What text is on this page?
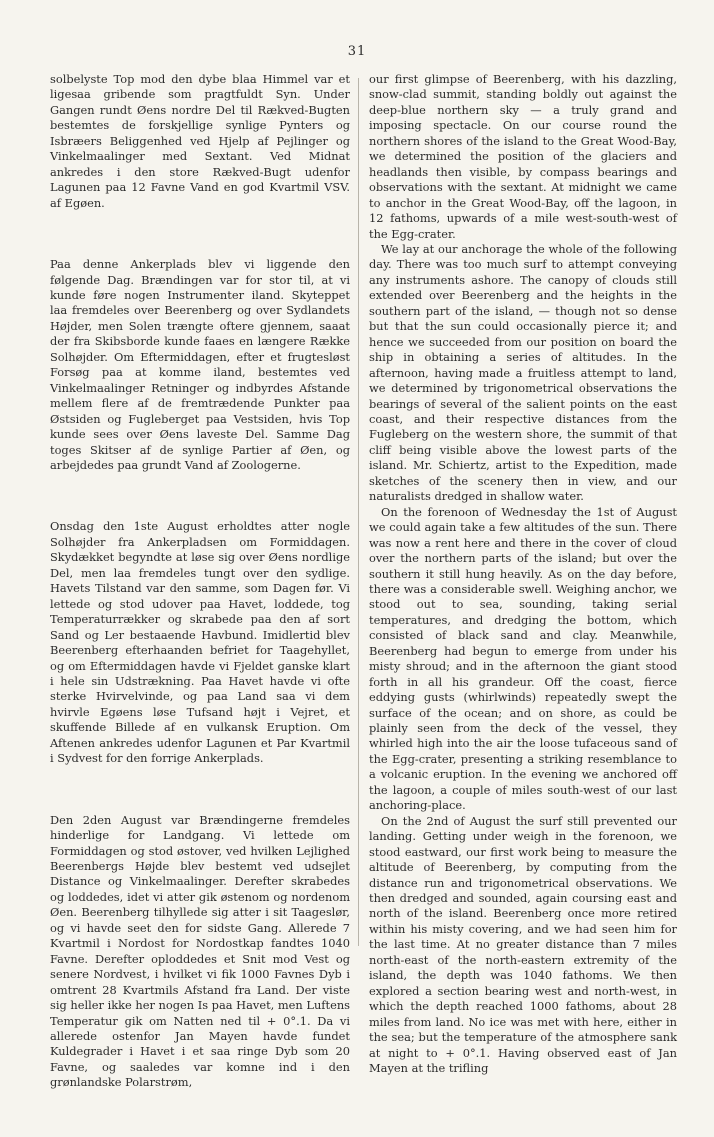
31

solbelyste Top mod den dybe blaa Himmel var et ligesaa gribende som pragtfuldt Syn. Under Gangen rundt Øens nordre Del til Rækved-Bugten bestemtes de forskjellige synlige Pynters og Isbræers Beliggenhed ved Hjelp af Pejlinger og Vinkelmaalinger med Sextant. Ved Midnat ankredes i den store Rækved-Bugt udenfor Lagunen paa 12 Favne Vand en god Kvartmil VSV. af Egøen.

Paa denne Ankerplads blev vi liggende den følgende Dag. Brændingen var for stor til, at vi kunde føre nogen Instrumenter iland. Skyteppet laa fremdeles over Beerenberg og over Sydlandets Højder, men Solen trængte oftere gjennem, saaat der fra Skibsborde kunde faaes en længere Række Solhøjder. Om Eftermiddagen, efter et frugtesløst Forsøg paa at komme iland, bestemtes ved Vinkelmaalinger Retninger og indbyrdes Afstande mellem flere af de fremtrædende Punkter paa Østsiden og Fugleberget paa Vestsiden, hvis Top kunde sees over Øens laveste Del. Samme Dag toges Skitser af de synlige Partier af Øen, og arbejdedes paa grundt Vand af Zoologerne.

Onsdag den 1ste August erholdtes atter nogle Solhøjder fra Ankerpladsen om Formiddagen. Skydækket begyndte at løse sig over Øens nordlige Del, men laa fremdeles tungt over den sydlige. Havets Tilstand var den samme, som Dagen før. Vi lettede og stod udover paa Havet, loddede, tog Temperaturrækker og skrabede paa den af sort Sand og Ler bestaaende Havbund. Imidlertid blev Beerenberg efterhaanden befriet for Taagehyllet, og om Eftermiddagen havde vi Fjeldet ganske klart i hele sin Udstrækning. Paa Havet havde vi ofte sterke Hvirvelvinde, og paa Land saa vi dem hvirvle Egøens løse Tufsand højt i Vejret, et skuffende Billede af en vulkansk Eruption. Om Aftenen ankredes udenfor Lagunen et Par Kvartmil i Sydvest for den forrige Ankerplads.

Den 2den August var Brændingerne fremdeles hinderlige for Landgang. Vi lettede om Formiddagen og stod østover, ved hvilken Lejlighed Beerenbergs Højde blev bestemt ved udsejlet Distance og Vinkelmaalinger. Derefter skrabedes og loddedes, idet vi atter gik østenom og nordenom Øen. Beerenberg tilhyllede sig atter i sit Taageslør, og vi havde seet den for sidste Gang. Allerede 7 Kvartmil i Nordost for Nordostkap fandtes 1040 Favne. Derefter oploddedes et Snit mod Vest og senere Nordvest, i hvilket vi fik 1000 Favnes Dyb i omtrent 28 Kvartmils Afstand fra Land. Der viste sig heller ikke her nogen Is paa Havet, men Luftens Temperatur gik om Natten ned til + 0°.1. Da vi allerede ostenfor Jan Mayen havde fundet Kuldegrader i Havet i et saa ringe Dyb som 20 Favne, og saaledes var komne ind i den grønlandske Polarstrøm,

our first glimpse of Beerenberg, with his dazzling, snow-clad summit, standing boldly out against the deep-blue northern sky — a truly grand and imposing spectacle. On our course round the northern shores of the island to the Great Wood-Bay, we determined the position of the glaciers and headlands then visible, by compass bearings and observations with the sextant. At midnight we came to anchor in the Great Wood-Bay, off the lagoon, in 12 fathoms, upwards of a mile west-south-west of the Egg-crater.

We lay at our anchorage the whole of the following day. There was too much surf to attempt conveying any instruments ashore. The canopy of clouds still extended over Beerenberg and the heights in the southern part of the island, — though not so dense but that the sun could occasionally pierce it; and hence we succeeded from our position on board the ship in obtaining a series of altitudes. In the afternoon, having made a fruitless attempt to land, we determined by trigonometrical observations the bearings of several of the salient points on the east coast, and their respective distances from the Fugleberg on the western shore, the summit of that cliff being visible above the lowest parts of the island. Mr. Schiertz, artist to the Expedition, made sketches of the scenery then in view, and our naturalists dredged in shallow water.

On the forenoon of Wednesday the 1st of August we could again take a few altitudes of the sun. There was now a rent here and there in the cover of cloud over the northern parts of the island; but over the southern it still hung heavily. As on the day before, there was a considerable swell. Weighing anchor, we stood out to sea, sounding, taking serial temperatures, and dredging the bottom, which consisted of black sand and clay. Meanwhile, Beerenberg had begun to emerge from under his misty shroud; and in the afternoon the giant stood forth in all his grandeur. Off the coast, fierce eddying gusts (whirlwinds) repeatedly swept the surface of the ocean; and on shore, as could be plainly seen from the deck of the vessel, they whirled high into the air the loose tufaceous sand of the Egg-crater, presenting a striking resemblance to a volcanic eruption. In the evening we anchored off the lagoon, a couple of miles south-west of our last anchoring-place.

On the 2nd of August the surf still prevented our landing. Getting under weigh in the forenoon, we stood eastward, our first work being to measure the altitude of Beerenberg, by computing from the distance run and trigonometrical observations. We then dredged and sounded, again coursing east and north of the island. Beerenberg once more retired within his misty covering, and we had seen him for the last time. At no greater distance than 7 miles north-east of the north-eastern extremity of the island, the depth was 1040 fathoms. We then explored a section bearing west and north-west, in which the depth reached 1000 fathoms, about 28 miles from land. No ice was met with here, either in the sea; but the temperature of the atmosphere sank at night to + 0°.1. Having observed east of Jan Mayen at the trifling
